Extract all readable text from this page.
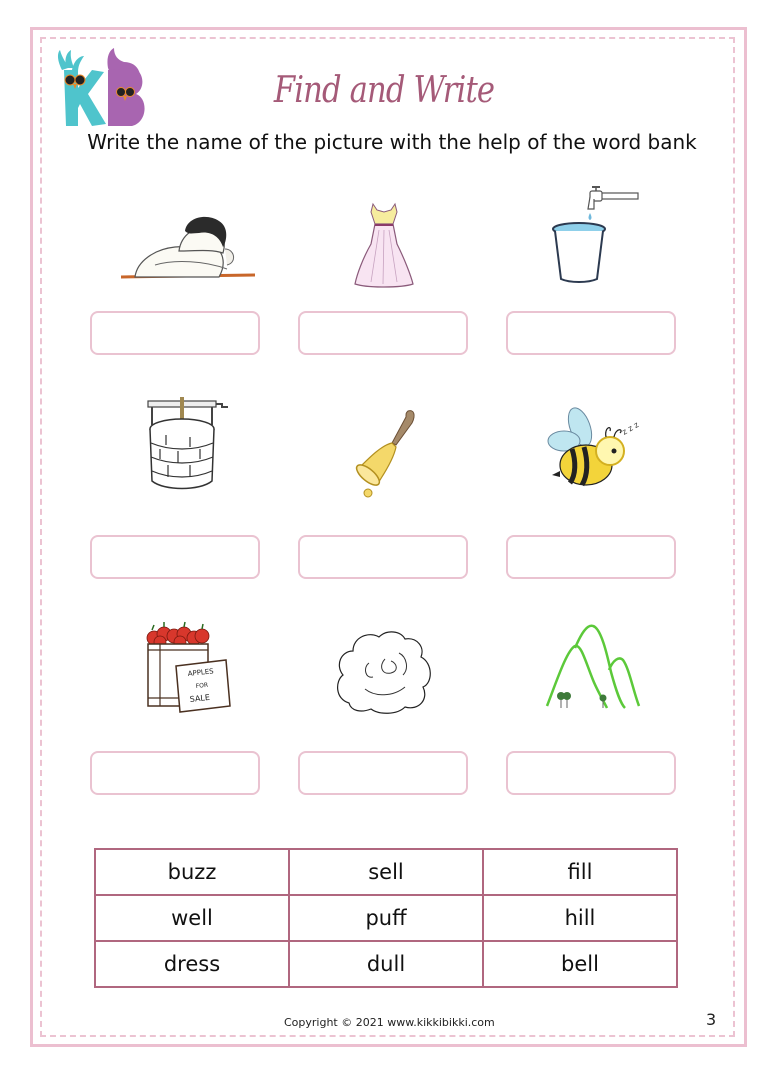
Find and Write
Write the name of the picture with the help of the word bank
z z z
APPLES
FOR
SALE
buzz	sell	fill
well	puff	hill
dress	dull	bell
Copyright © 2021 www.kikkibikki.com	3
